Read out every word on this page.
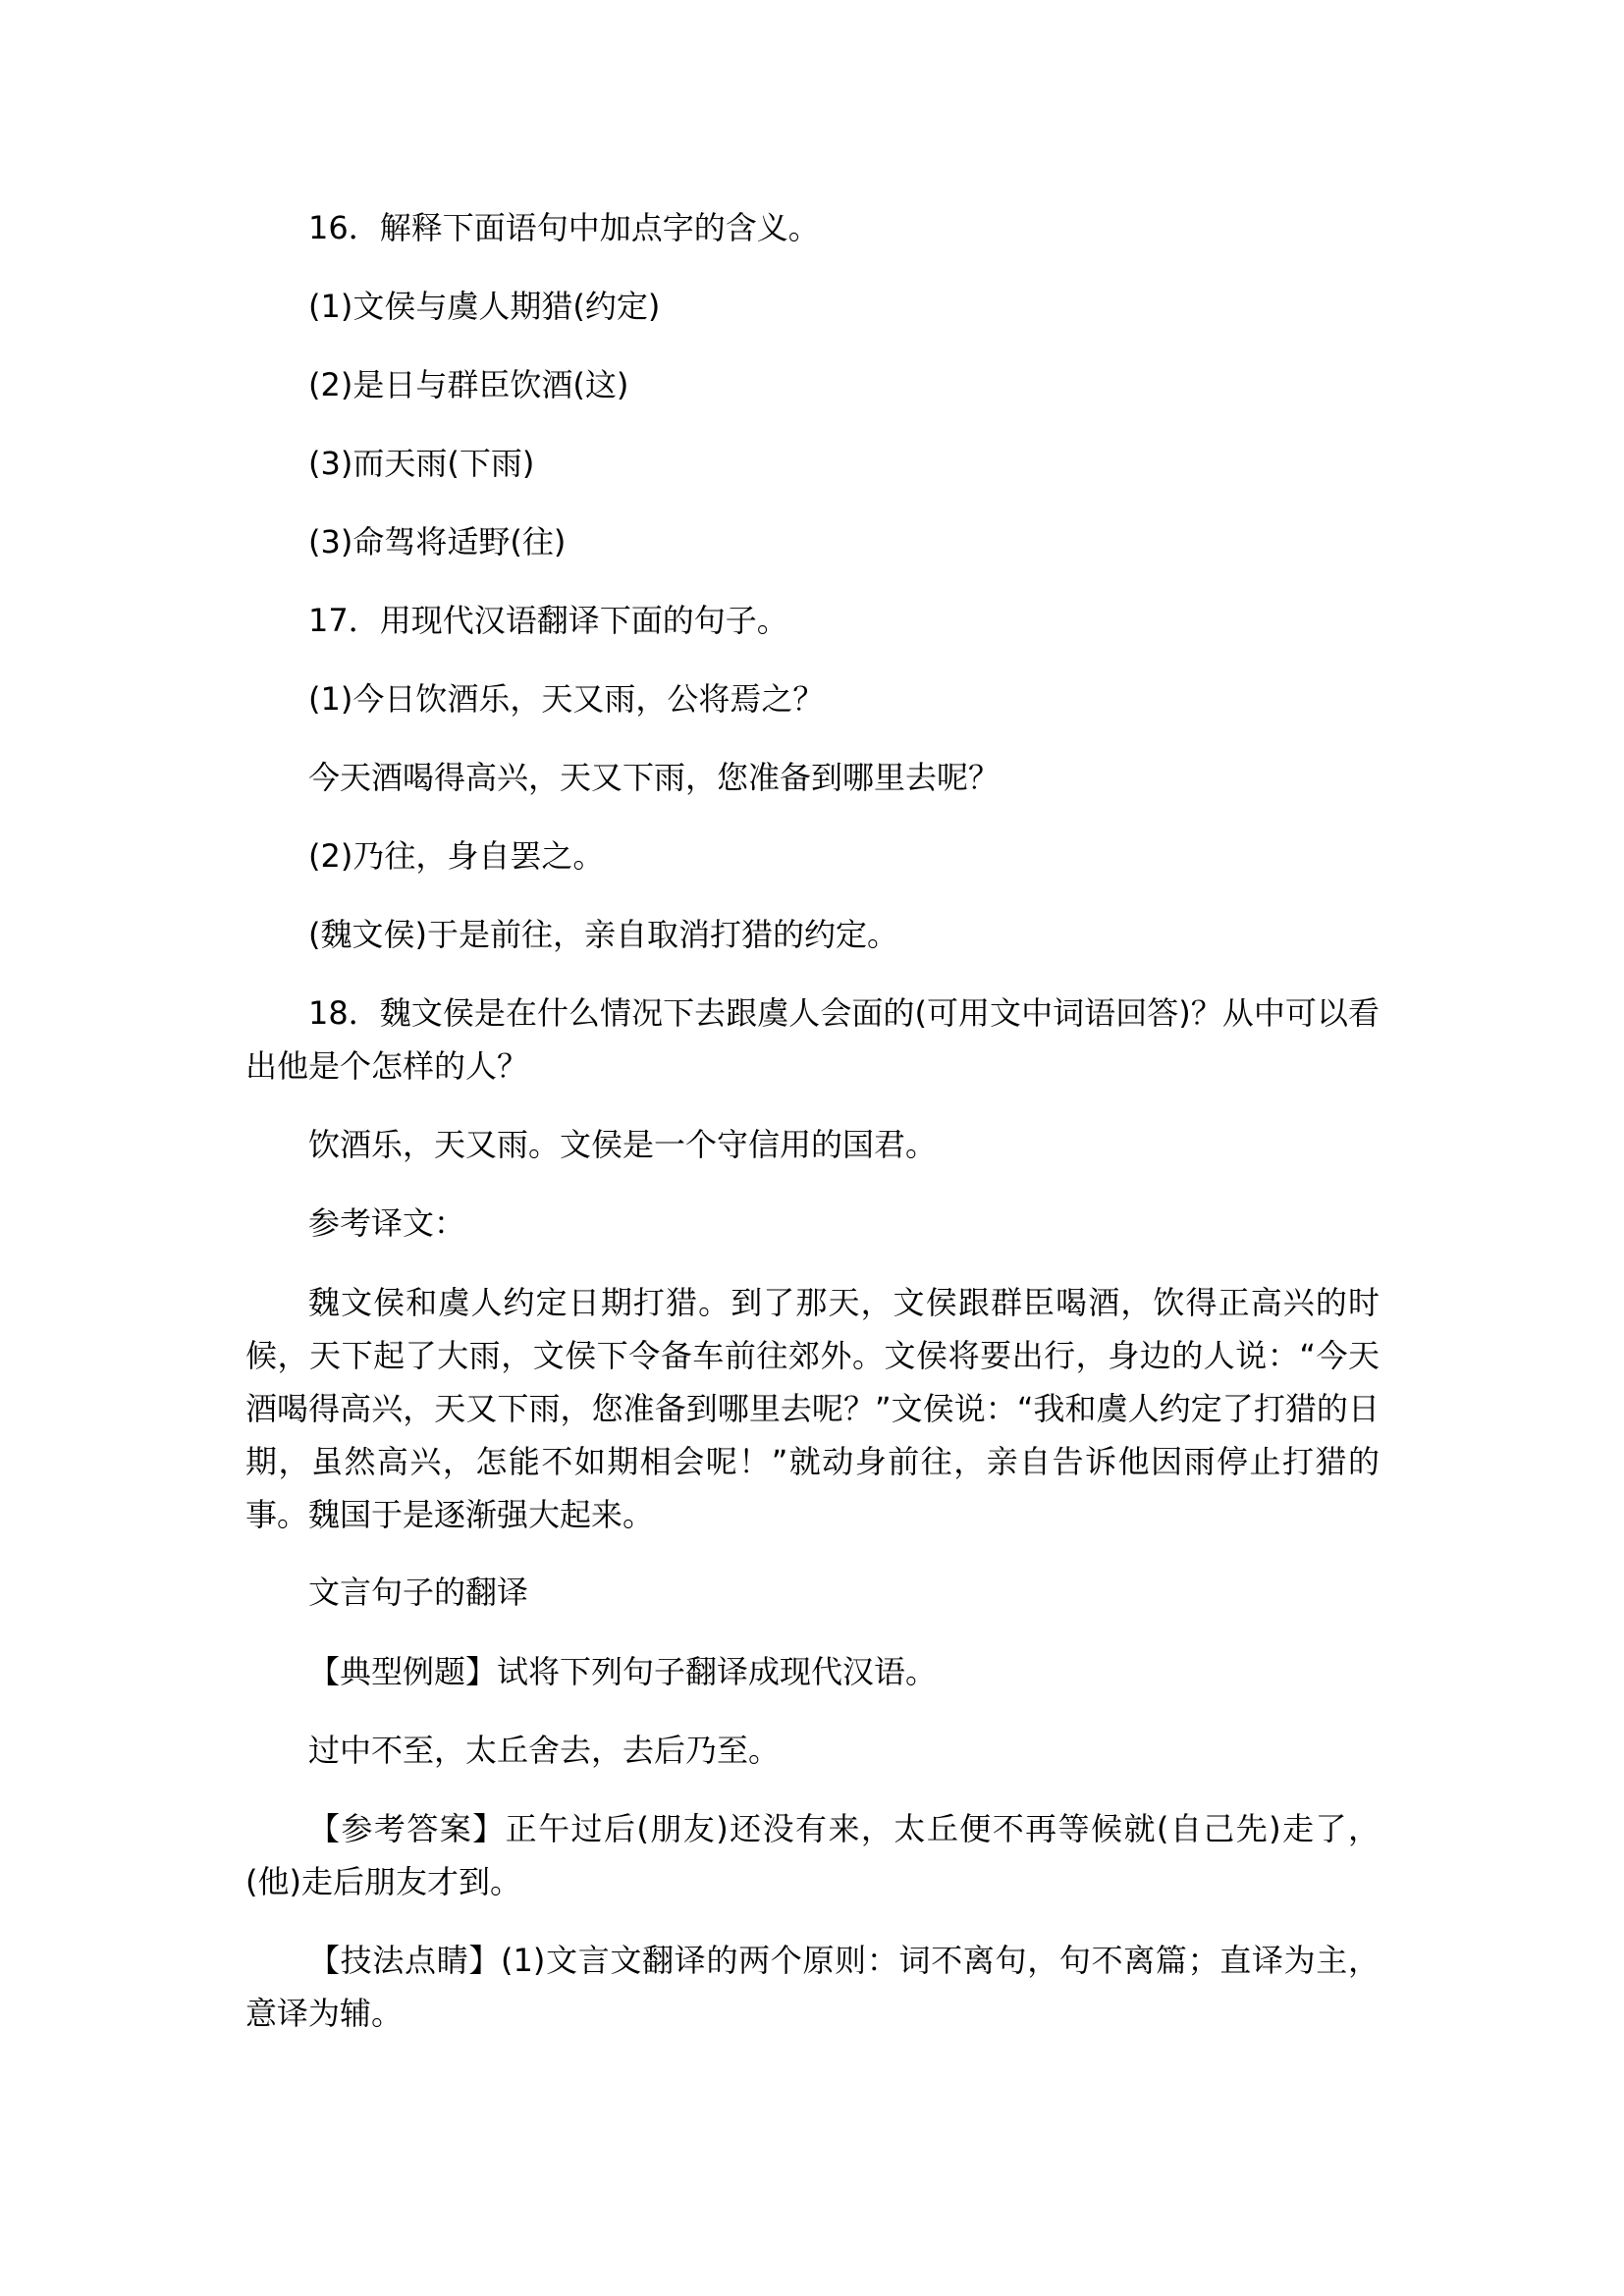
16．解释下面语句中加点字的含义。
(1)文侯与虞人期猎(约定)
(2)是日与群臣饮酒(这)
(3)而天雨(下雨)
(3)命驾将适野(往)
17．用现代汉语翻译下面的句子。
(1)今日饮酒乐，天又雨，公将焉之？
今天酒喝得高兴，天又下雨，您准备到哪里去呢？
(2)乃往，身自罢之。
(魏文侯)于是前往，亲自取消打猎的约定。
18．魏文侯是在什么情况下去跟虞人会面的(可用文中词语回答)？从中可以看出他是个怎样的人？
饮酒乐，天又雨。文侯是一个守信用的国君。
参考译文：
魏文侯和虞人约定日期打猎。到了那天，文侯跟群臣喝酒，饮得正高兴的时候，天下起了大雨，文侯下令备车前往郊外。文侯将要出行，身边的人说：“今天酒喝得高兴，天又下雨，您准备到哪里去呢？”文侯说：“我和虞人约定了打猎的日期，虽然高兴，怎能不如期相会呢！”就动身前往，亲自告诉他因雨停止打猎的事。魏国于是逐渐强大起来。
文言句子的翻译
【典型例题】试将下列句子翻译成现代汉语。
过中不至，太丘舍去，去后乃至。
【参考答案】正午过后(朋友)还没有来，太丘便不再等候就(自己先)走了，(他)走后朋友才到。
【技法点睛】(1)文言文翻译的两个原则：词不离句，句不离篇；直译为主，意译为辅。
